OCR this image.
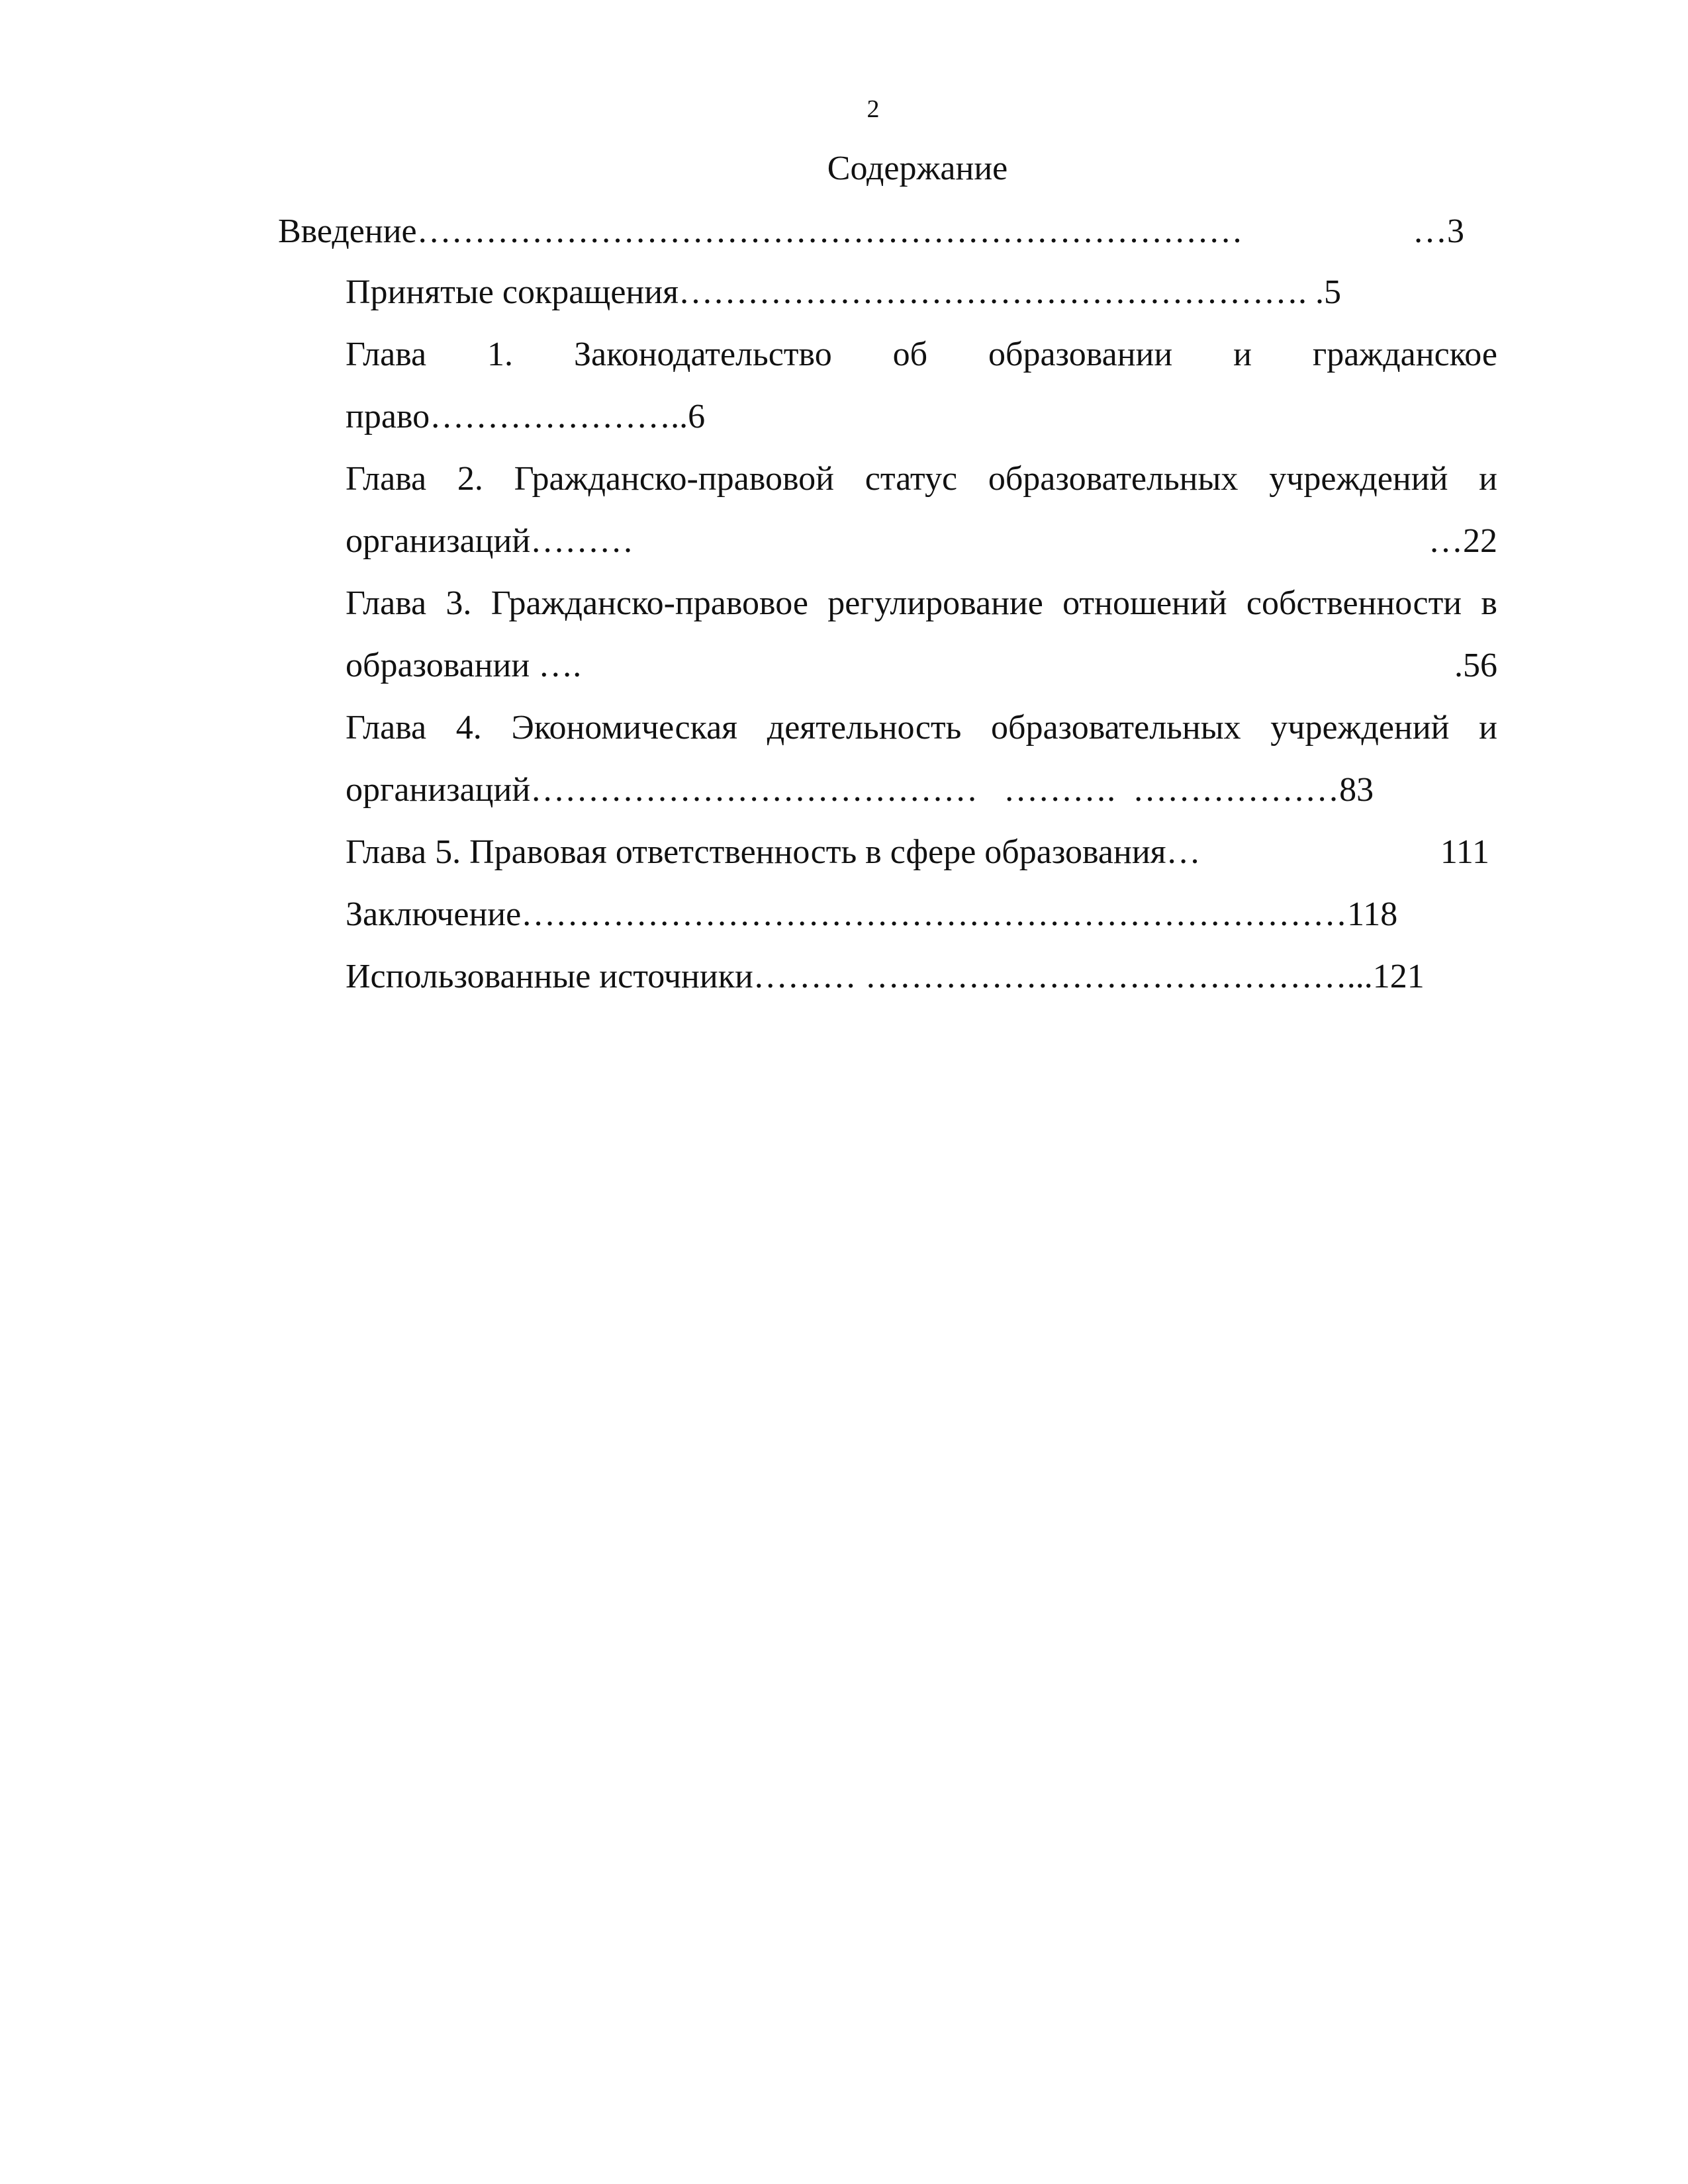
2
Содержание
Введение………………………………………………………………	…3
Принятые сокращения………………………………………………. .5
Глава 1. Законодательство об образовании и гражданское
право…………………..6
Глава 2. Гражданско-правовой статус образовательных учреждений и
организаций………	…22
Глава 3. Гражданско-правовое регулирование отношений собственности в
образовании ….	.56
Глава 4. Экономическая деятельность образовательных учреждений и
организаций…………………………………   ……….  ………………83
Глава 5. Правовая ответственность в сфере образования…	111
Заключение………………………………………………………………118
Использованные источники……… ……………………………………...121
